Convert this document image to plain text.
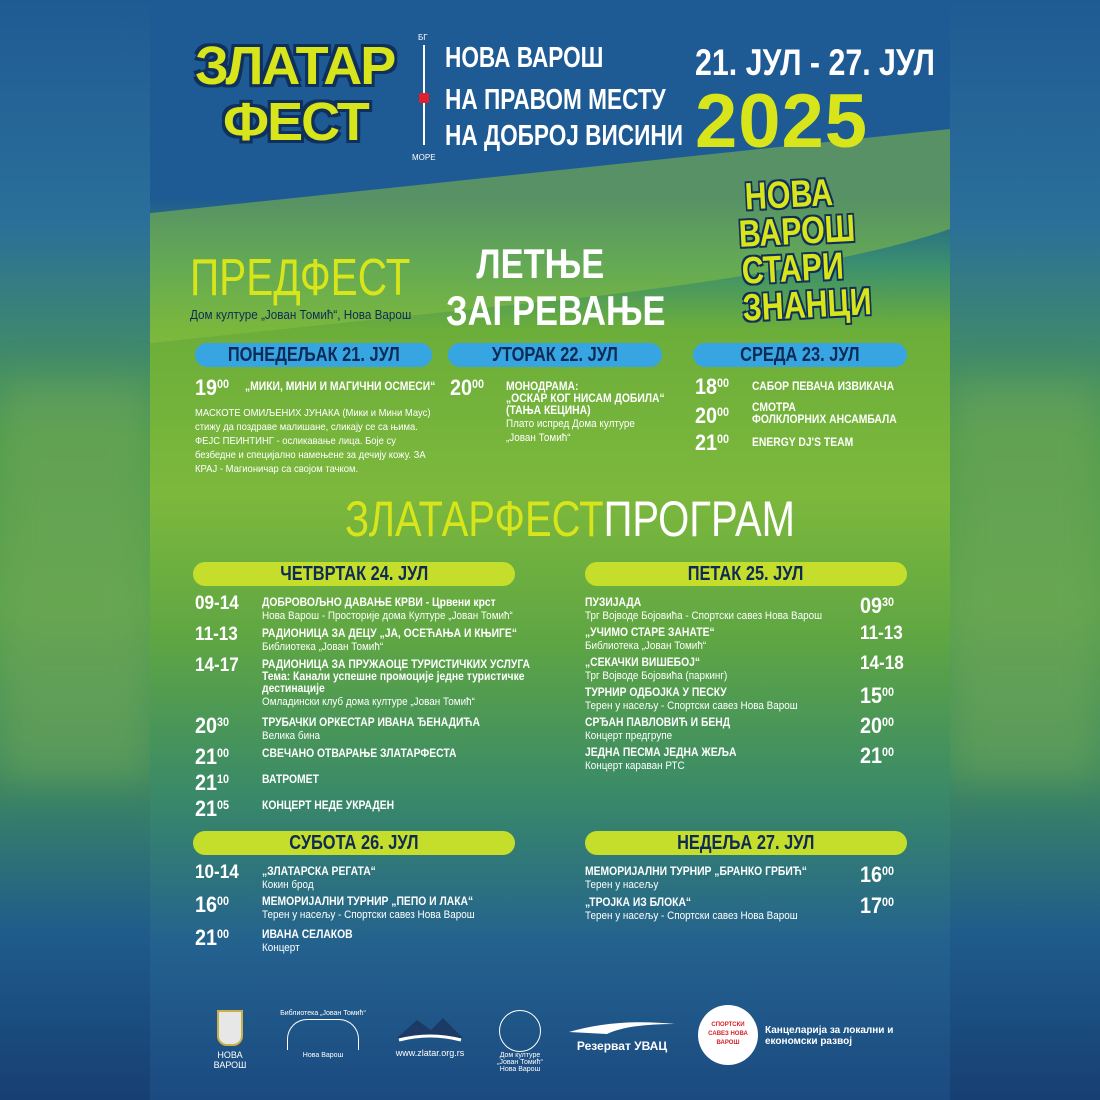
ЗЛАТАР
ФЕСТ
БГ
МОРЕ
НОВА ВАРОШ
НА ПРАВОМ МЕСТУ
НА ДОБРОЈ ВИСИНИ
21. ЈУЛ - 27. ЈУЛ
2025
НОВА
ВАРОШ
СТАРИ
ЗНАНЦИ
ПРЕДФЕСТ
Дом културе „Јован Томић“, Нова Варош
ЛЕТЊЕ
ЗАГРЕВАЊЕ
ПОНЕДЕЉАК 21. ЈУЛ	УТОРАК 22. ЈУЛ	СРЕДА 23. ЈУЛ
$19^{00}$ „МИКИ, МИНИ И МАГИЧНИ ОСМЕСИ“
МАСКОТЕ ОМИЉЕНИХ ЈУНАКА (Мики и Мини Маус) стижу да поздраве малишане, сликају се са њима. ФЕЈС ПЕИНТИНГ - осликавање лица. Боје су безбедне и специјално намењене за дечију кожу. ЗА КРАЈ - Магионичар са својом тачком.
$20^{00}$ МОНОДРАМА:
„ОСКАР КОГ НИСАМ ДОБИЛА“
(ТАЊА КЕЦИНА)
Плато испред Дома културе
„Јован Томић“
$18^{00}$ САБОР ПЕВАЧА ИЗВИКАЧА
$20^{00}$ СМОТРА
ФОЛКЛОРНИХ АНСАМБАЛА
$21^{00}$ ENERGY DJ'S TEAM
ЗЛАТАРФЕСТПРОГРАМ
ЧЕТВРТАК 24. ЈУЛ
09-14 ДОБРОВОЉНО ДАВАЊЕ КРВИ - Црвени крст
Нова Варош - Просторије дома Културе „Јован Томић“
11-13 РАДИОНИЦА ЗА ДЕЦУ „ЈА, ОСЕЋАЊА И КЊИГЕ“
Библиотека „Јован Томић“
14-17 РАДИОНИЦА ЗА ПРУЖАОЦЕ ТУРИСТИЧКИХ УСЛУГА
Тема: Канали успешне промоције једне туристичке
дестинације
Омладински клуб дома културе „Јован Томић“
$20^{30}$	ТРУБАЧКИ ОРКЕСТАР ИВАНА ЂЕНАДИЋА
Велика бина
$21^{00}$	СВЕЧАНО ОТВАРАЊЕ ЗЛАТАРФЕСТА
$21^{10}$	ВАТРОМЕТ
$21^{05}$	КОНЦЕРТ НЕДЕ УКРАДЕН
ПЕТАК 25. ЈУЛ
$09^{30}$
ПУЗИЈАДА
Трг Војводе Бојовића - Спортски савез Нова Варош
11-13
„УЧИМО СТАРЕ ЗАНАТЕ“
Библиотека „Јован Томић“
14-18
„СЕКАЧКИ ВИШЕБОЈ“
Трг Војводе Бојовића (паркинг)
$15^{00}$
ТУРНИР ОДБОЈКА У ПЕСКУ
Терен у насељу - Спортски савез Нова Варош
$20^{00}$
СРЂАН ПАВЛОВИЋ И БЕНД
Концерт предгрупе
$21^{00}$
ЈЕДНА ПЕСМА ЈЕДНА ЖЕЉА
Концерт караван РТС
СУБОТА 26. ЈУЛ
10-14 „ЗЛАТАРСКА РЕГАТА“
Кокин брод
$16^{00}$	МЕМОРИЈАЛНИ ТУРНИР „ПЕПО И ЛАКА“
Терен у насељу - Спортски савез Нова Варош
$21^{00}$	ИВАНА СЕЛАКОВ
Концерт
НЕДЕЉА 27. ЈУЛ
$16^{00}$
МЕМОРИЈАЛНИ ТУРНИР „БРАНКО ГРБИЋ“
Терен у насељу
$17^{00}$
„ТРОЈКА ИЗ БЛОКА“
Терен у насељу - Спортски савез Нова Варош
НОВА ВАРОШ
Библиотека „Јован Томић“
Нова Варош	www.zlatar.org.rs	Дом културе „Јован Томић“ Нова Варош
Резерват УВАЦ
СПОРТСКИ САВЕЗ НОВА ВАРОШ
Канцеларија за локални и економски развој
